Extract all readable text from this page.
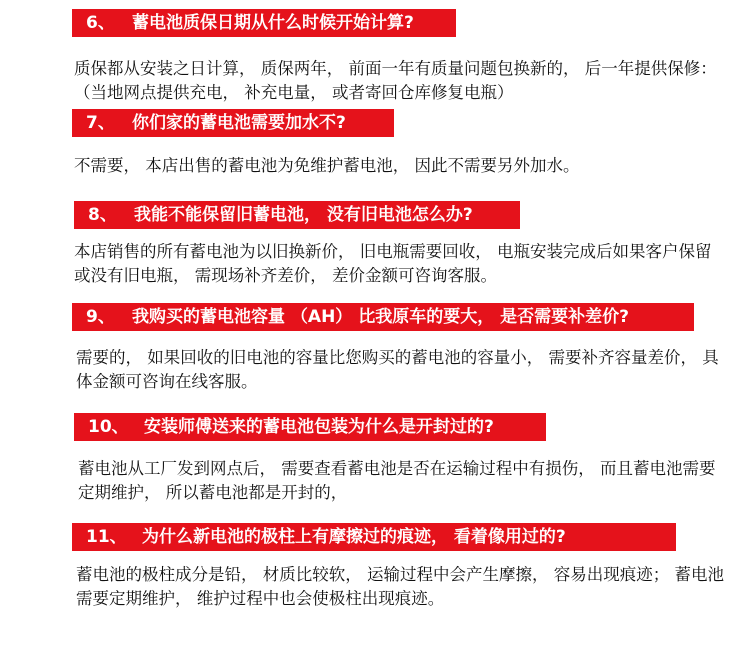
6、 蓄电池质保日期从什么时候开始计算?
质保都从安装之日计算， 质保两年， 前面一年有质量问题包换新的， 后一年提供保修： （当地网点提供充电， 补充电量， 或者寄回仓库修复电瓶）
7、 你们家的蓄电池需要加水不?
不需要， 本店出售的蓄电池为免维护蓄电池， 因此不需要另外加水。
8、 我能不能保留旧蓄电池， 没有旧电池怎么办?
本店销售的所有蓄电池为以旧换新价， 旧电瓶需要回收， 电瓶安装完成后如果客户保留或没有旧电瓶， 需现场补齐差价， 差价金额可咨询客服。
9、 我购买的蓄电池容量 （AH） 比我原车的要大， 是否需要补差价?
需要的， 如果回收的旧电池的容量比您购买的蓄电池的容量小， 需要补齐容量差价， 具体金额可咨询在线客服。
10、 安装师傅送来的蓄电池包装为什么是开封过的?
蓄电池从工厂发到网点后， 需要查看蓄电池是否在运输过程中有损伤， 而且蓄电池需要定期维护， 所以蓄电池都是开封的，
11、 为什么新电池的极柱上有摩擦过的痕迹， 看着像用过的?
蓄电池的极柱成分是铅， 材质比较软， 运输过程中会产生摩擦， 容易出现痕迹； 蓄电池需要定期维护， 维护过程中也会使极柱出现痕迹。
